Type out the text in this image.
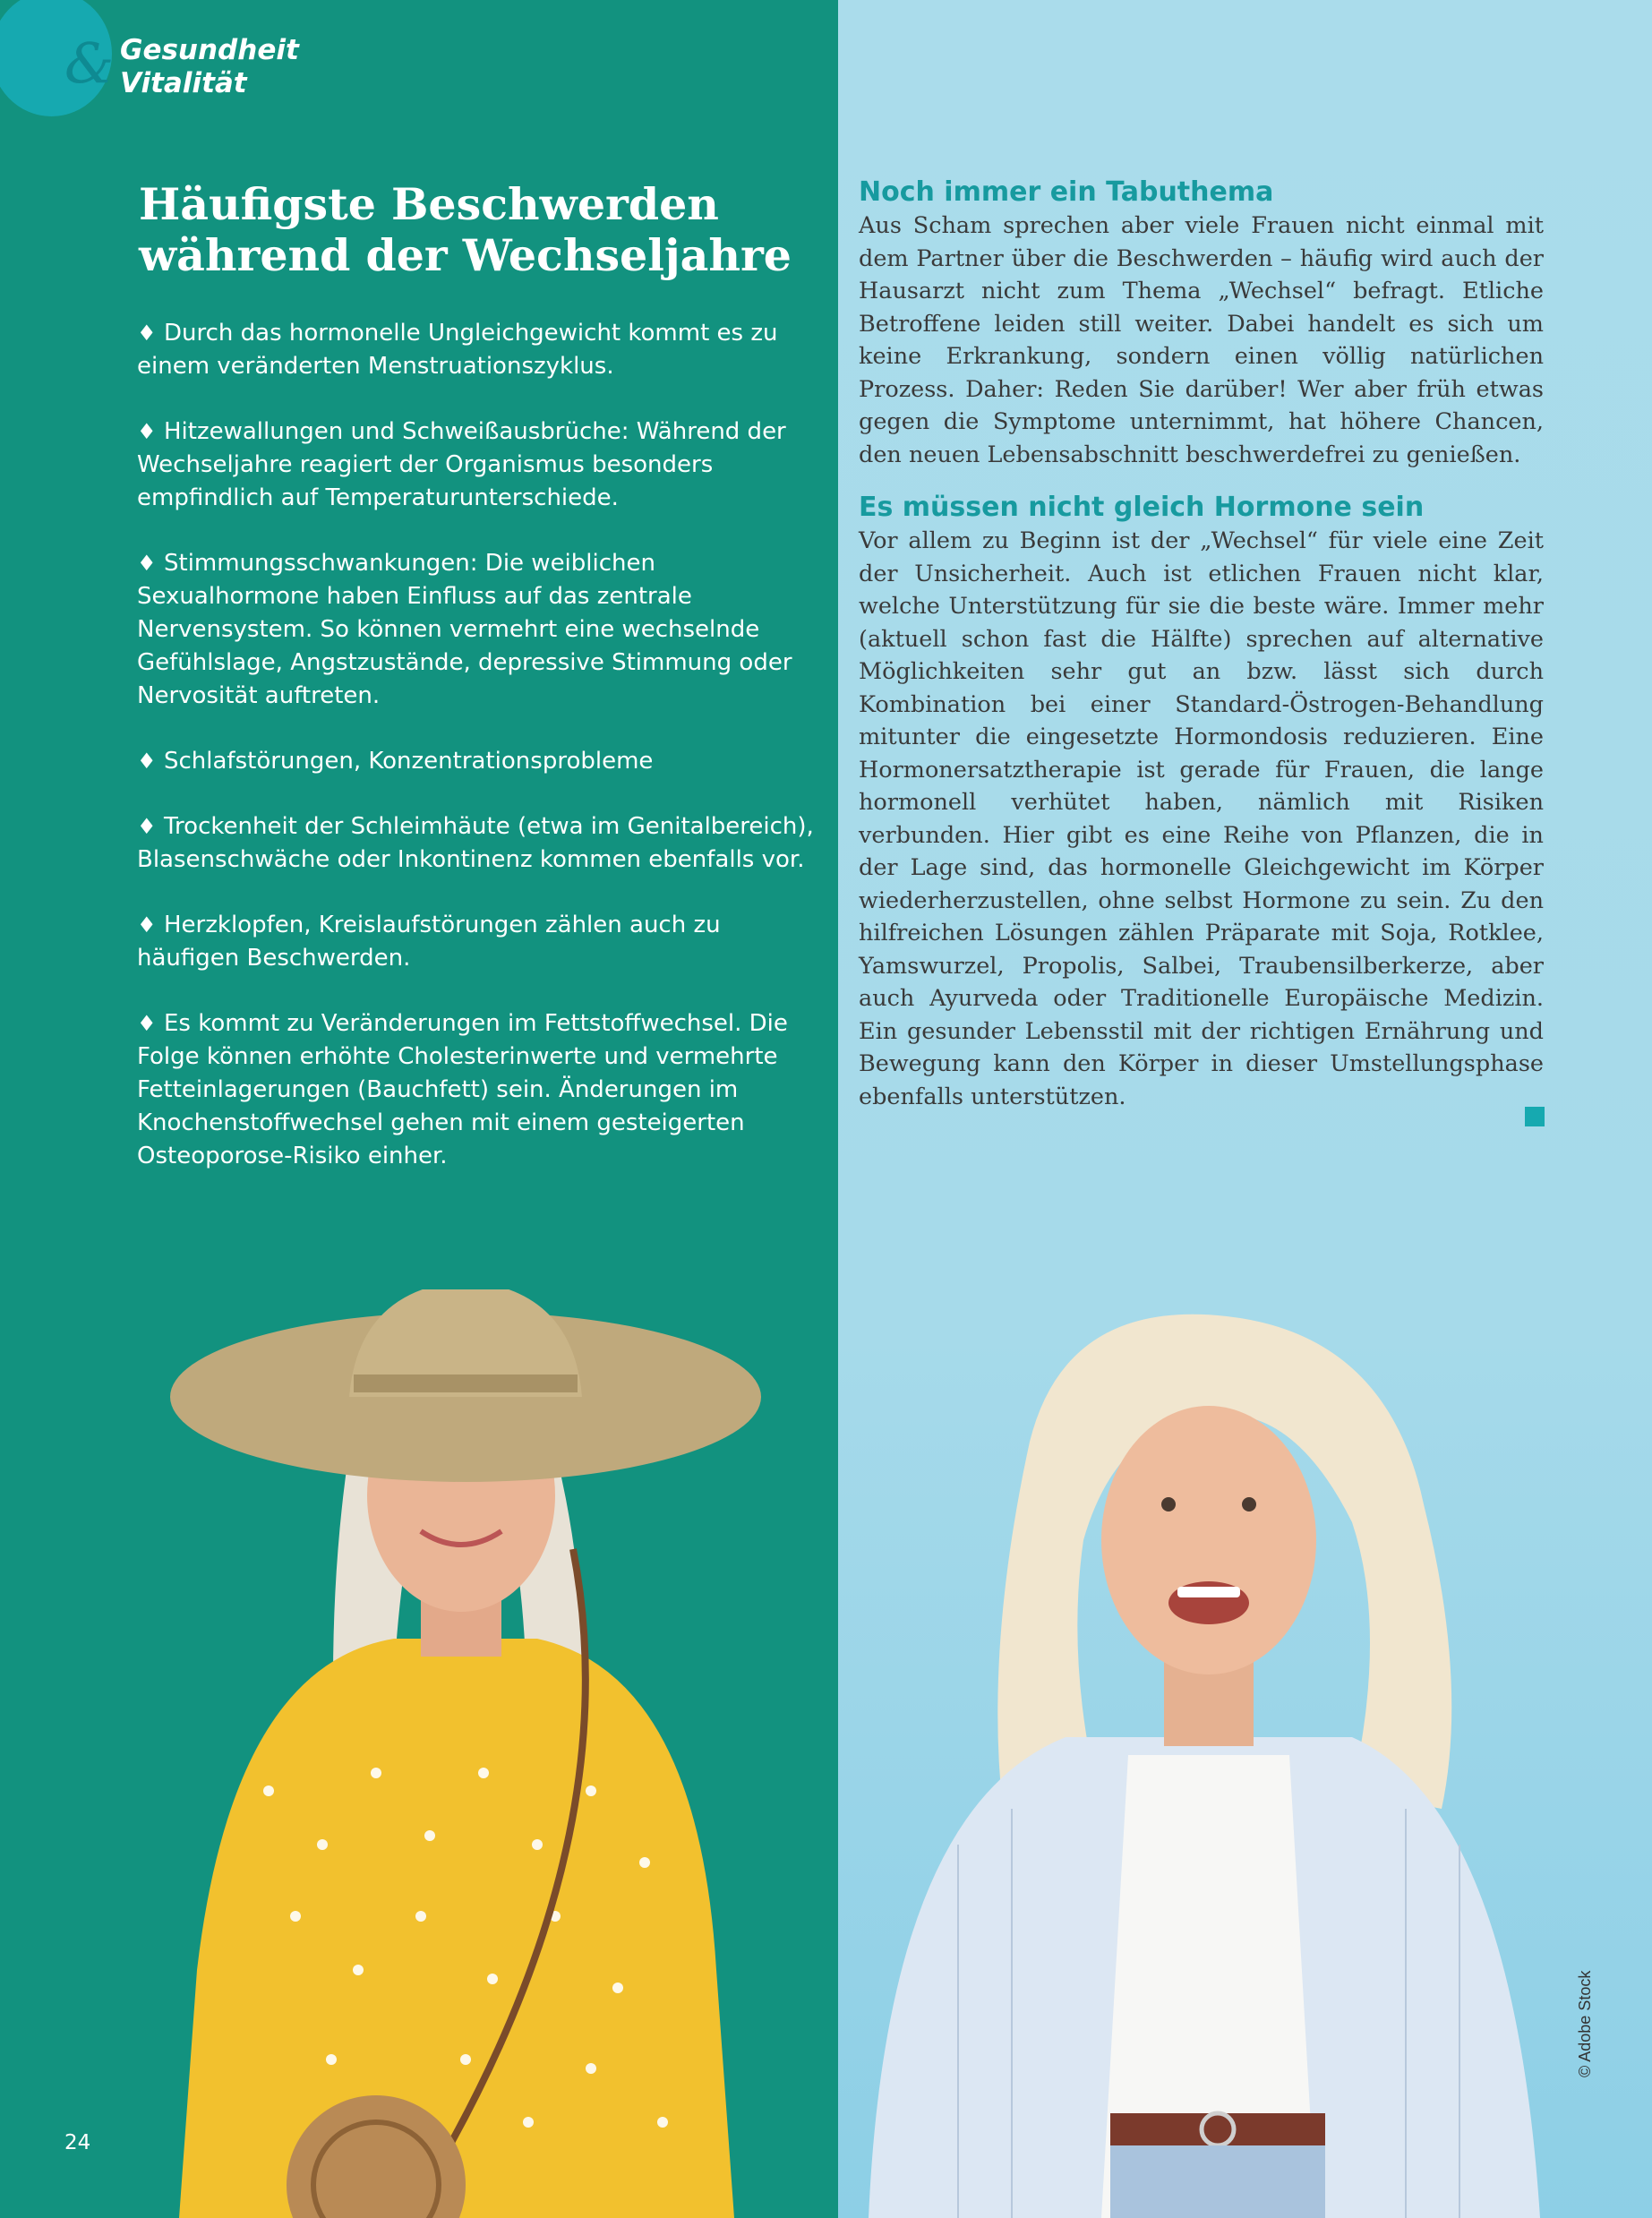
& Gesundheit
Vitalität
Häufigste Beschwerden
während der Wechseljahre
♦ Durch das hormonelle Ungleichgewicht kommt es zu einem veränderten Menstruationszyklus.
♦ Hitzewallungen und Schweißausbrüche: Während der Wechseljahre reagiert der Organismus besonders empfindlich auf Temperaturunterschiede.
♦ Stimmungsschwankungen: Die weiblichen Sexualhormone haben Einfluss auf das zentrale Nervensystem. So können vermehrt eine wechselnde Gefühlslage, Angstzustände, depressive Stimmung oder Nervosität auftreten.
♦ Schlafstörungen, Konzentrationsprobleme
♦ Trockenheit der Schleimhäute (etwa im Genitalbereich), Blasenschwäche oder Inkontinenz kommen ebenfalls vor.
♦ Herzklopfen, Kreislaufstörungen zählen auch zu häufigen Beschwerden.
♦ Es kommt zu Veränderungen im Fettstoffwechsel. Die Folge können erhöhte Cholesterinwerte und vermehrte Fetteinlagerungen (Bauchfett) sein. Änderungen im Knochenstoffwechsel gehen mit einem gesteigerten Osteoporose-Risiko einher.
Noch immer ein Tabuthema

Aus Scham sprechen aber viele Frauen nicht einmal mit dem Partner über die Beschwerden – häufig wird auch der Hausarzt nicht zum Thema „Wechsel“ befragt. Etliche Betroffene leiden still weiter. Dabei handelt es sich um keine Erkrankung, sondern einen völlig natürlichen Prozess. Daher: Reden Sie darüber! Wer aber früh etwas gegen die Symptome unternimmt, hat höhere Chancen, den neuen Lebensabschnitt beschwerdefrei zu genießen.

Es müssen nicht gleich Hormone sein

Vor allem zu Beginn ist der „Wechsel“ für viele eine Zeit der Unsicherheit. Auch ist etlichen Frauen nicht klar, welche Unterstützung für sie die beste wäre. Immer mehr (aktuell schon fast die Hälfte) sprechen auf alternative Möglichkeiten sehr gut an bzw. lässt sich durch Kombination bei einer Standard-Östrogen-Behandlung mitunter die eingesetzte Hormondosis reduzieren. Eine Hormonersatztherapie ist gerade für Frauen, die lange hormonell verhütet haben, nämlich mit Risiken verbunden. Hier gibt es eine Reihe von Pflanzen, die in der Lage sind, das hormonelle Gleichgewicht im Körper wiederherzustellen, ohne selbst Hormone zu sein. Zu den hilfreichen Lösungen zählen Präparate mit Soja, Rotklee, Yamswurzel, Propolis, Salbei, Traubensilberkerze, aber auch Ayurveda oder Traditionelle Europäische Medizin. Ein gesunder Lebensstil mit der richtigen Ernährung und Bewegung kann den Körper in dieser Umstellungsphase ebenfalls unterstützen.

24
© Adobe Stock
